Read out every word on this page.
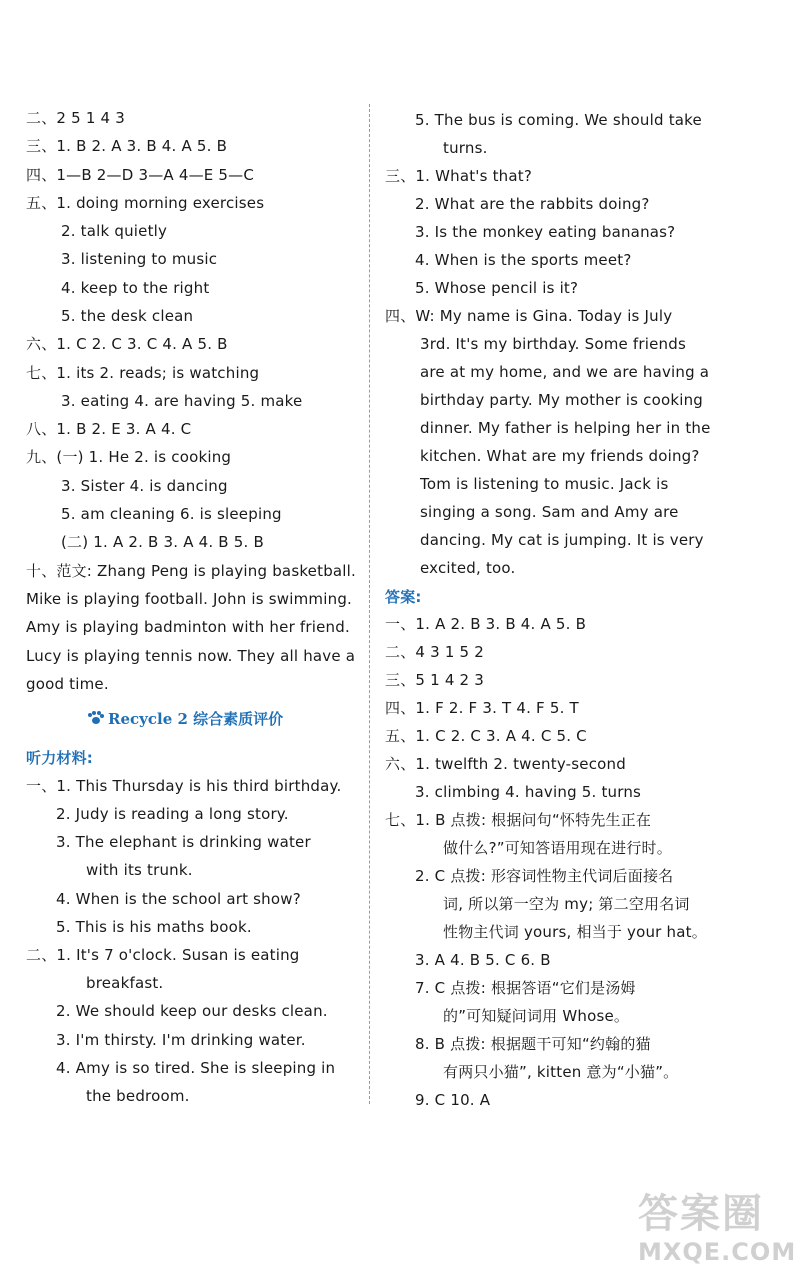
二、2 5 1 4 3
三、1. B 2. A 3. B 4. A 5. B
四、1—B 2—D 3—A 4—E 5—C
五、1. doing morning exercises
2. talk quietly
3. listening to music
4. keep to the right
5. the desk clean
六、1. C 2. C 3. C 4. A 5. B
七、1. its 2. reads; is watching
3. eating 4. are having 5. make
八、1. B 2. E 3. A 4. C
九、(一) 1. He 2. is cooking
3. Sister 4. is dancing
5. am cleaning 6. is sleeping
(二) 1. A 2. B 3. A 4. B 5. B
十、范文: Zhang Peng is playing basketball.
Mike is playing football. John is swimming.
Amy is playing badminton with her friend.
Lucy is playing tennis now. They all have a
good time.
听力材料:
一、1. This Thursday is his third birthday.
2. Judy is reading a long story.
3. The elephant is drinking water
with its trunk.
4. When is the school art show?
5. This is his maths book.
二、1. It's 7 o'clock. Susan is eating
breakfast.
2. We should keep our desks clean.
3. I'm thirsty. I'm drinking water.
4. Amy is so tired. She is sleeping in
the bedroom.
5. The bus is coming. We should take
turns.
三、1. What's that?
2. What are the rabbits doing?
3. Is the monkey eating bananas?
4. When is the sports meet?
5. Whose pencil is it?
四、W: My name is Gina. Today is July
3rd. It's my birthday. Some friends
are at my home, and we are having a
birthday party. My mother is cooking
dinner. My father is helping her in the
kitchen. What are my friends doing?
Tom is listening to music. Jack is
singing a song. Sam and Amy are
dancing. My cat is jumping. It is very
excited, too.
答案:
一、1. A 2. B 3. B 4. A 5. B
二、4 3 1 5 2
三、5 1 4 2 3
四、1. F 2. F 3. T 4. F 5. T
五、1. C 2. C 3. A 4. C 5. C
六、1. twelfth 2. twenty-second
3. climbing 4. having 5. turns
七、1. B 点拨: 根据问句“怀特先生正在
做什么?”可知答语用现在进行时。
2. C 点拨: 形容词性物主代词后面接名
词, 所以第一空为 my; 第二空用名词
性物主代词 yours, 相当于 your hat。
3. A 4. B 5. C 6. B
7. C 点拨: 根据答语“它们是汤姆
的”可知疑问词用 Whose。
8. B 点拨: 根据题干可知“约翰的猫
有两只小猫”, kitten 意为“小猫”。
9. C 10. A
Recycle 2 综合素质评价
答案圈
MXQE.COM
